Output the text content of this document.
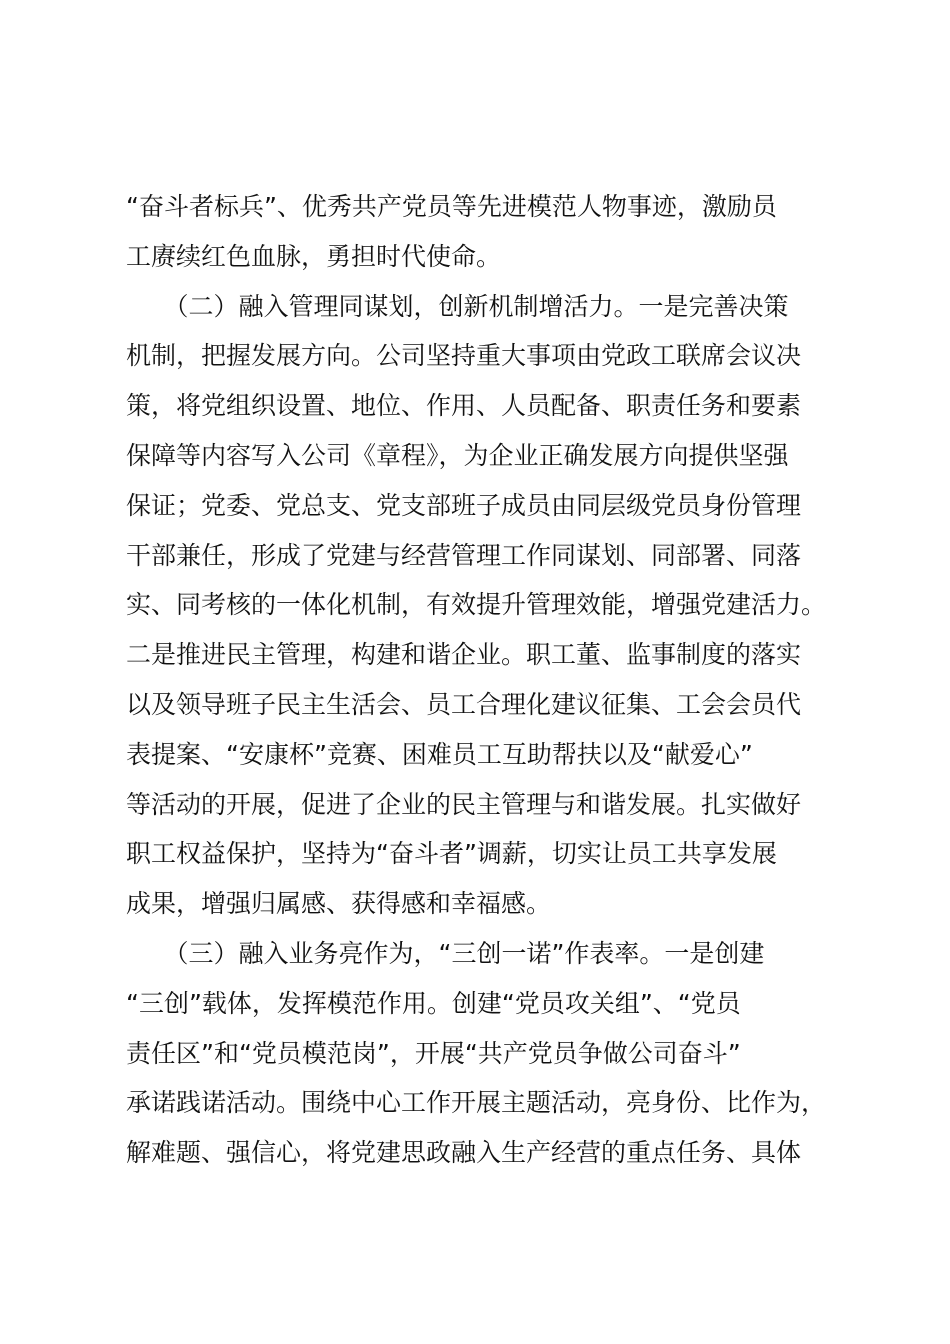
“奋斗者标兵”、优秀共产党员等先进模范人物事迹，激励员
工赓续红色血脉，勇担时代使命。
　　（二）融入管理同谋划，创新机制增活力。一是完善决策
机制，把握发展方向。公司坚持重大事项由党政工联席会议决
策，将党组织设置、地位、作用、人员配备、职责任务和要素
保障等内容写入公司《章程》，为企业正确发展方向提供坚强
保证；党委、党总支、党支部班子成员由同层级党员身份管理
干部兼任，形成了党建与经营管理工作同谋划、同部署、同落
实、同考核的一体化机制，有效提升管理效能，增强党建活力。
二是推进民主管理，构建和谐企业。职工董、监事制度的落实
以及领导班子民主生活会、员工合理化建议征集、工会会员代
表提案、“安康杯”竞赛、困难员工互助帮扶以及“献爱心”
等活动的开展，促进了企业的民主管理与和谐发展。扎实做好
职工权益保护，坚持为“奋斗者”调薪，切实让员工共享发展
成果，增强归属感、获得感和幸福感。
　　（三）融入业务亮作为，“三创一诺”作表率。一是创建
“三创”载体，发挥模范作用。创建“党员攻关组”、“党员
责任区”和“党员模范岗”，开展“共产党员争做公司奋斗”
承诺践诺活动。围绕中心工作开展主题活动，亮身份、比作为，
解难题、强信心，将党建思政融入生产经营的重点任务、具体
